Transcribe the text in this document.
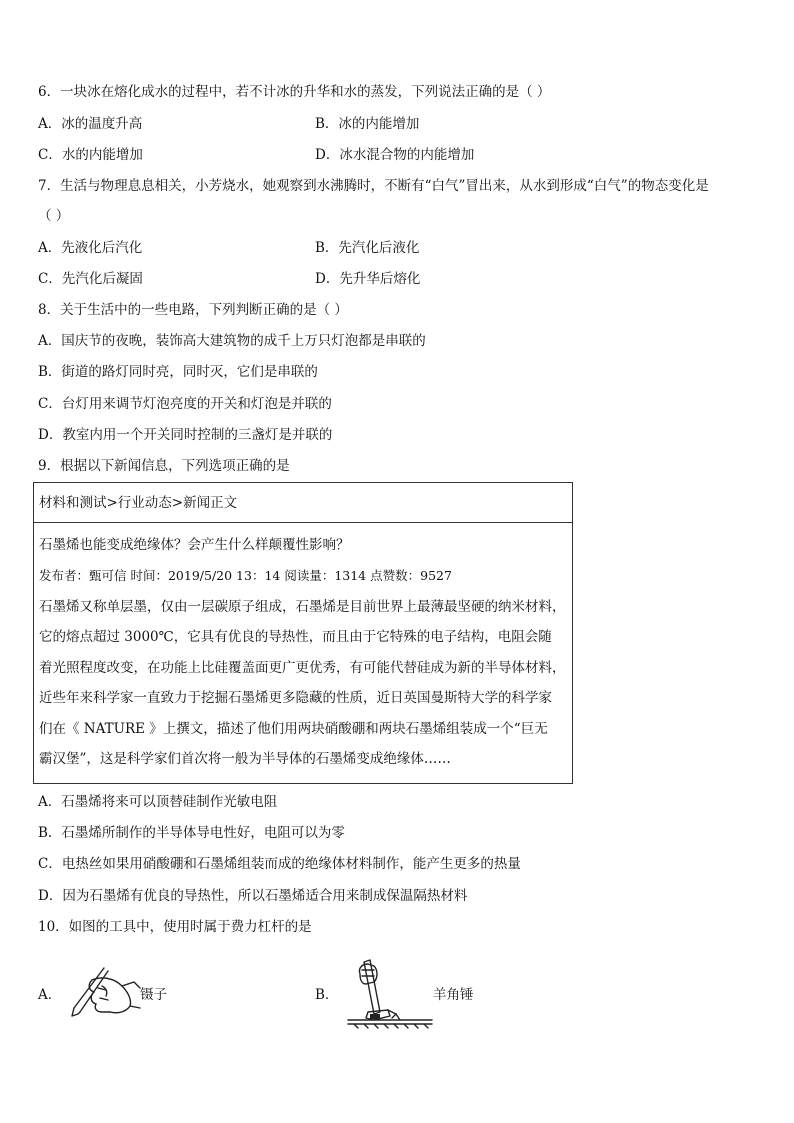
6．一块冰在熔化成水的过程中，若不计冰的升华和水的蒸发，下列说法正确的是（ ）
A．冰的温度升高	B．冰的内能增加
C．水的内能增加	D．冰水混合物的内能增加
7．生活与物理息息相关，小芳烧水，她观察到水沸腾时，不断有“白气”冒出来，从水到形成“白气”的物态变化是
（ ）
A．先液化后汽化	B．先汽化后液化
C．先汽化后凝固	D．先升华后熔化
8．关于生活中的一些电路，下列判断正确的是（ ）
A．国庆节的夜晚，装饰高大建筑物的成千上万只灯泡都是串联的
B．街道的路灯同时亮，同时灭，它们是串联的
C．台灯用来调节灯泡亮度的开关和灯泡是并联的
D．教室内用一个开关同时控制的三盏灯是并联的
9．根据以下新闻信息，下列选项正确的是
材料和测试>行业动态>新闻正文
石墨烯也能变成绝缘体？会产生什么样颠覆性影响？
发布者：甄可信 时间：2019/5/20 13：14 阅读量：1314 点赞数：9527
石墨烯又称单层墨，仅由一层碳原子组成，石墨烯是目前世界上最薄最坚硬的纳米材料，
它的熔点超过 3000℃，它具有优良的导热性，而且由于它特殊的电子结构，电阻会随
着光照程度改变，在功能上比硅覆盖面更广更优秀，有可能代替硅成为新的半导体材料，
近些年来科学家一直致力于挖掘石墨烯更多隐藏的性质，近日英国曼斯特大学的科学家
们在《 NATURE 》上撰文，描述了他们用两块硝酸硼和两块石墨烯组装成一个“巨无
霸汉堡”，这是科学家们首次将一般为半导体的石墨烯变成绝缘体……
A．石墨烯将来可以顶替硅制作光敏电阻
B．石墨烯所制作的半导体导电性好，电阻可以为零
C．电热丝如果用硝酸硼和石墨烯组装而成的绝缘体材料制作，能产生更多的热量
D．因为石墨烯有优良的导热性，所以石墨烯适合用来制成保温隔热材料
10．如图的工具中，使用时属于费力杠杆的是
A．	镊子	B．	羊角锤
